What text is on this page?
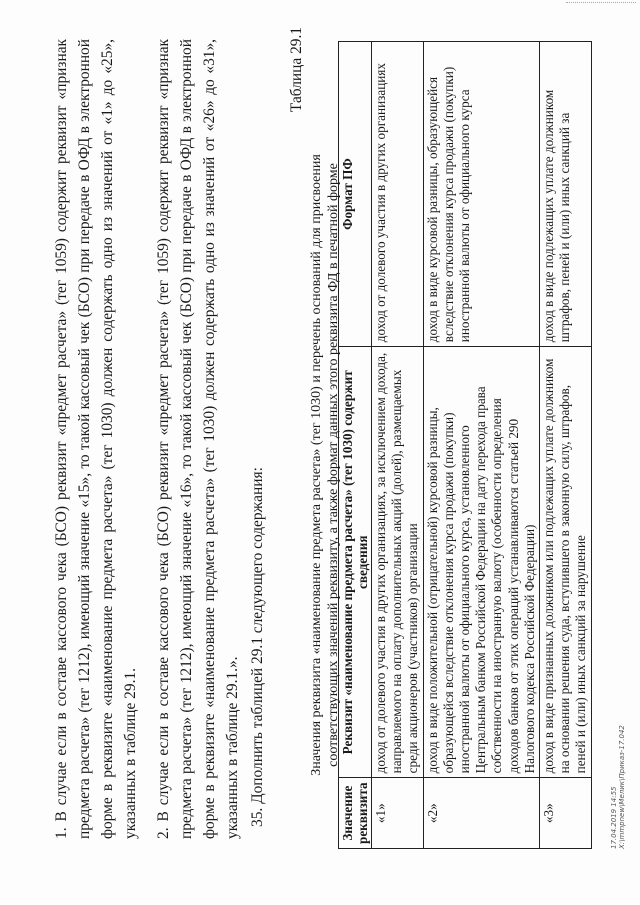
1. В случае если в составе кассового чека (БСО) реквизит «предмет расчета» (тег 1059) содержит реквизит «признак предмета расчета» (тег 1212), имеющий значение «15», то такой кассовый чек (БСО) при передаче в ОФД в электронной форме в реквизите «наименование предмета расчета» (тег 1030) должен содержать одно из значений от «1» до «25», указанных в таблице 29.1. 2. В случае если в составе кассового чека (БСО) реквизит «предмет расчета» (тег 1059) содержит реквизит «признак предмета расчета» (тег 1212), имеющий значение «16», то такой кассовый чек (БСО) при передаче в ОФД в электронной форме в реквизите «наименование предмета расчета» (тег 1030) должен содержать одно из значений от «26» до «31», указанных в таблице 29.1.». 35. Дополнить таблицей 29.1 следующего содержания:

Таблица 29.1
Значения реквизита «наименование предмета расчета» (тег 1030) и перечень оснований для присвоения соответствующих значений реквизиту, а также формат данных этого реквизита ФД в печатной форме
Значение реквизита	Реквизит «наименование предмета расчета» (тег 1030) содержит сведения	Формат ПФ
«1»	доход от долевого участия в других организациях, за исключением дохода, направляемого на оплату дополнительных акций (долей), размещаемых среди акционеров (участников) организации	доход от долевого участия в других организациях
«2»	доход в виде положительной (отрицательной) курсовой разницы, образующейся вследствие отклонения курса продажи (покупки) иностранной валюты от официального курса, установленного Центральным банком Российской Федерации на дату перехода права собственности на иностранную валюту (особенности определения доходов банков от этих операций устанавливаются статьей 290 Налогового кодекса Российской Федерации)	доход в виде курсовой разницы, образующейся вследствие отклонения курса продажи (покупки) иностранной валюты от официального курса
«3»	доход в виде признанных должником или подлежащих уплате должником на основании решения суда, вступившего в законную силу, штрафов, пеней и (или) иных санкций за нарушение	доход в виде подлежащих уплате должником штрафов, пеней и (или) иных санкций за
17.04.2019 14:55 Х:\mmpnew\Мелик\Приказ-17.042
